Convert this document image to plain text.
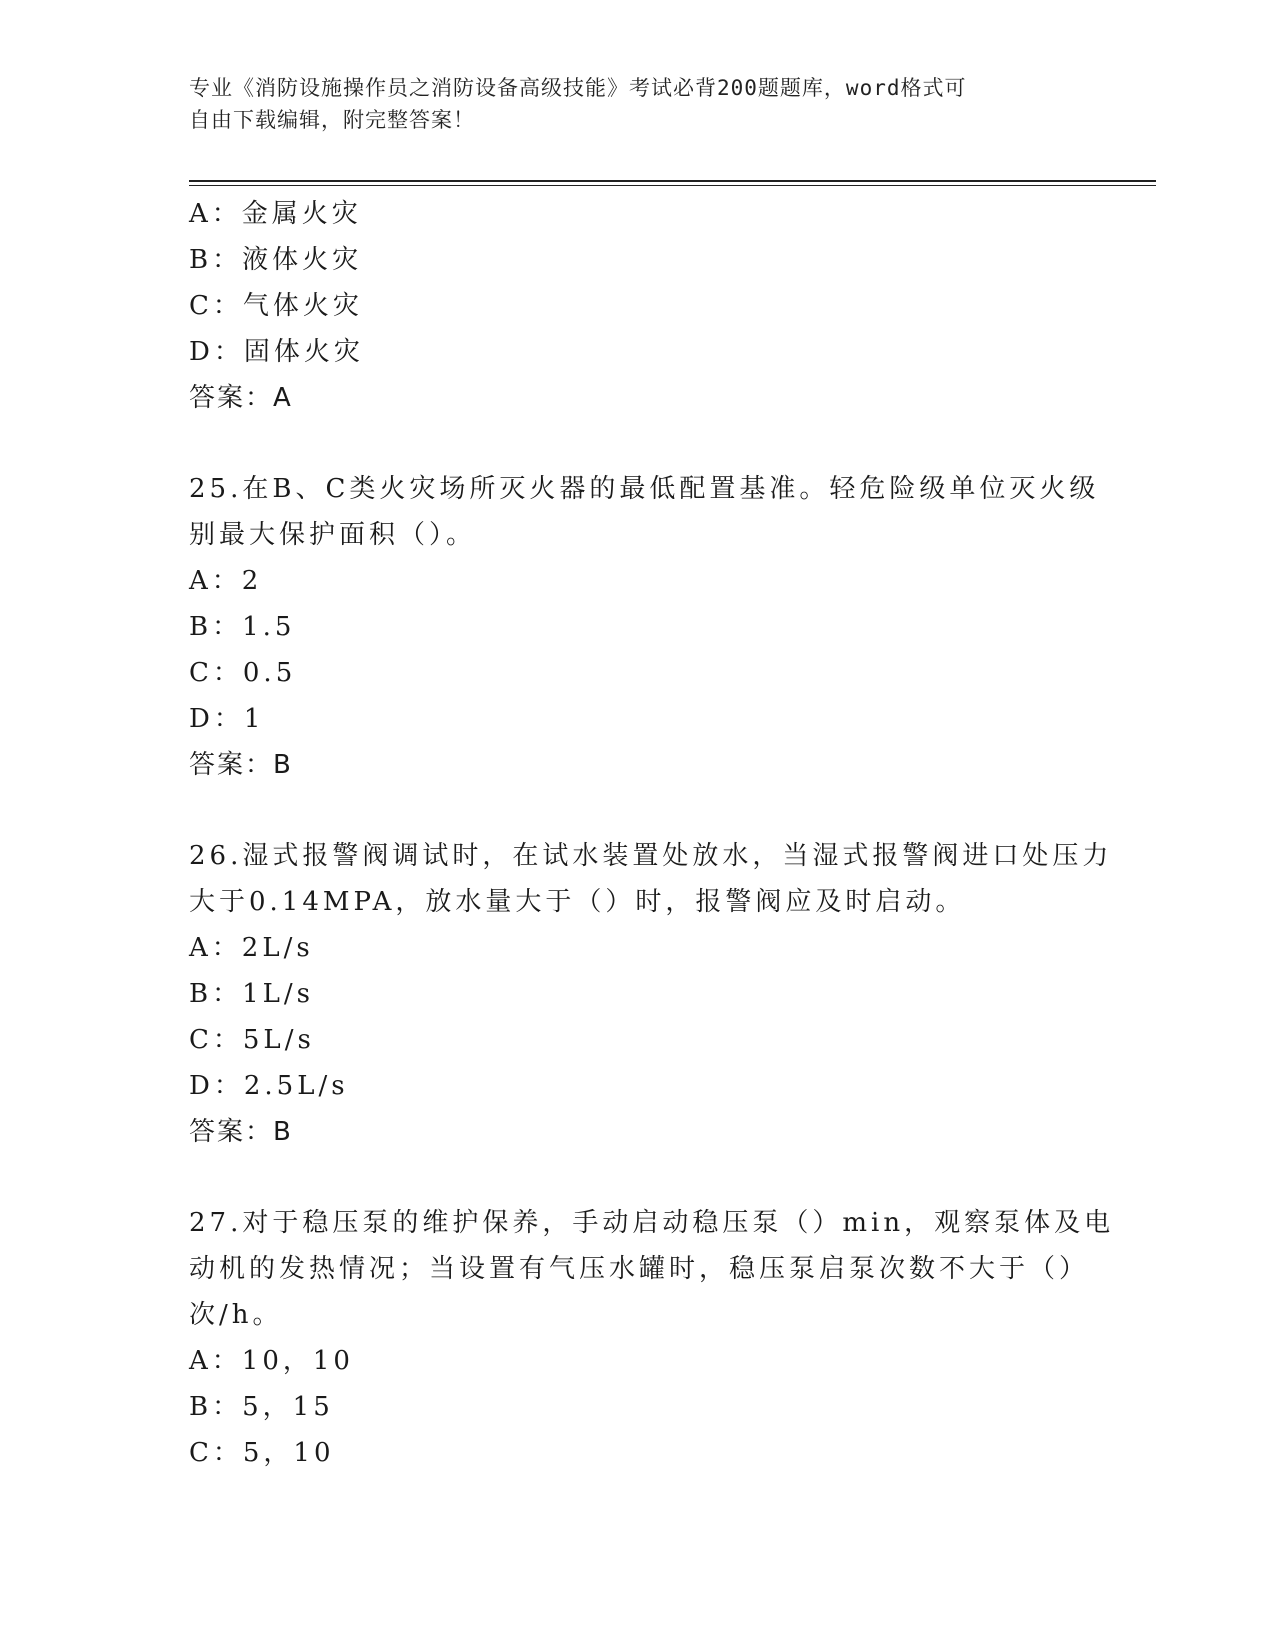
专业《消防设施操作员之消防设备高级技能》考试必背200题题库，word格式可
自由下载编辑，附完整答案！
A：金属火灾
B：液体火灾
C：气体火灾
D：固体火灾
答案：A
25.在B、C类火灾场所灭火器的最低配置基准。轻危险级单位灭火级
别最大保护面积（）。
A：2
B：1.5
C：0.5
D：1
答案：B
26.湿式报警阀调试时，在试水装置处放水，当湿式报警阀进口处压力
大于0.14MPA，放水量大于（）时，报警阀应及时启动。
A：2L/s
B：1L/s
C：5L/s
D：2.5L/s
答案：B
27.对于稳压泵的维护保养，手动启动稳压泵（）min，观察泵体及电
动机的发热情况；当设置有气压水罐时，稳压泵启泵次数不大于（）
次/h。
A：10，10
B：5，15
C：5，10
